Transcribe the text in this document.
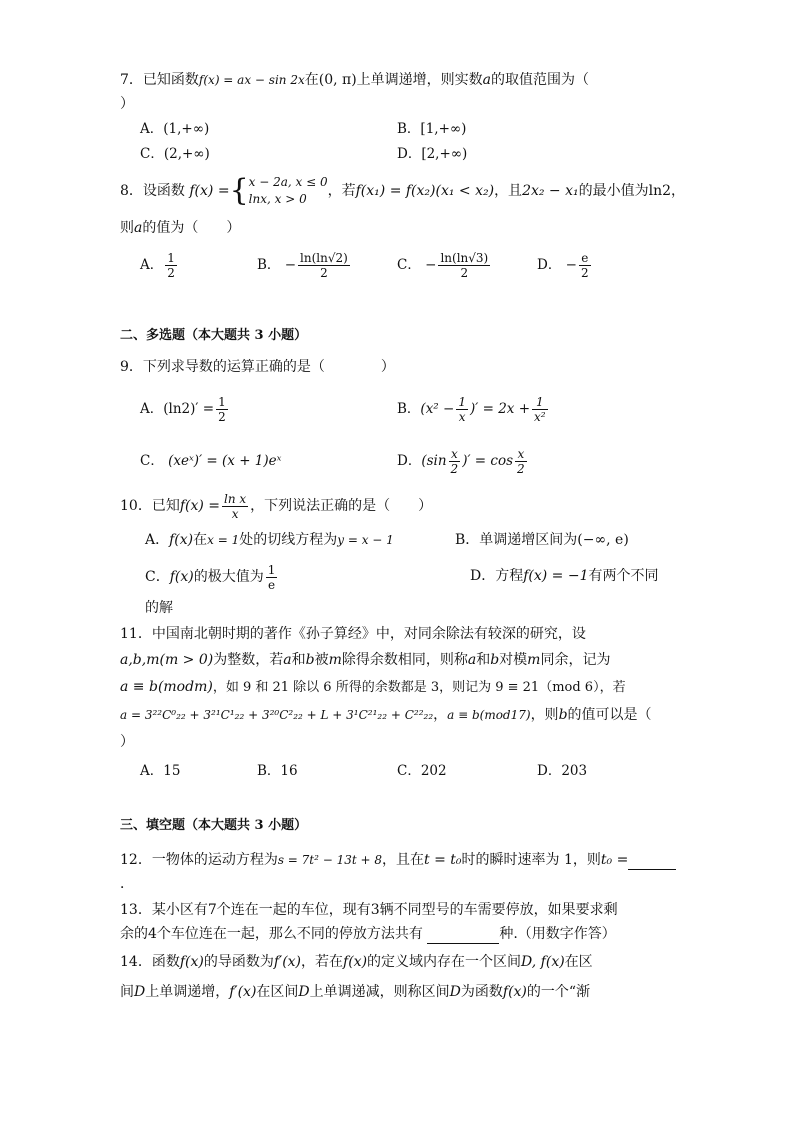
7．已知函数f(x) = ax − sin 2x在(0, π)上单调递增，则实数a的取值范围为（
）
A．(1,+∞)	B．[1,+∞)
C．(2,+∞)	D．[2,+∞)
8．设函数 f(x) ={ x − 2a, x ≤ 0
lnx, x > 0	，若f(x₁) = f(x₂)(x₁ < x₂)，且2x₂ − x₁的最小值为ln2，
则a的值为（　　）
A． $\frac{1}{2}$	B． − $\frac{\ln(\ln√2)}{2}$	C． − $\frac{\ln(\ln√3)}{2}$	D． − $\frac{e}{2}$
二、多选题（本大题共 3 小题）
9．下列求导数的运算正确的是（　　　　）
A．$(\ln 2)' = \frac{1}{2}$	B．($x^2 - \frac{1}{x}$ )′ = $2x + \frac{1}{\text{x²}}$
C． (xeˣ)′ = (x + 1)eˣ	D．($\sin \frac{x}{2}$ )′ = $\cos \frac{x}{2}$
10．已知$f(x) = \frac{\text{ln x}}{x}$ ，下列说法正确的是（　　）
A．f(x)在x = 1处的切线方程为y = x − 1	B．单调递增区间为(−∞, e)
C．f(x)的极大值为 $\frac{1}{e}$	D．方程f(x) = −1有两个不同
的解
11．中国南北朝时期的著作《孙子算经》中，对同余除法有较深的研究，设
a,b,m(m > 0)为整数，若a和b被m除得余数相同，则称a和b对模m同余，记为
a ≡ b(modm)，如 9 和 21 除以 6 所得的余数都是 3，则记为 9 ≡ 21（mod 6），若
a = 3²²C⁰₂₂ + 3²¹C¹₂₂ + 3²⁰C²₂₂ + L + 3¹C²¹₂₂ + C²²₂₂，a ≡ b(mod17)，则b的值可以是（
）
A．15	B．16	C．202	D．203
三、填空题（本大题共 3 小题）
12．一物体的运动方程为s = 7t² − 13t + 8，且在t = t₀时的瞬时速率为 1，则t₀ =
．
13．某小区有7个连在一起的车位，现有3辆不同型号的车需要停放，如果要求剩
余的4个车位连在一起，那么不同的停放方法共有	种.（用数字作答）
14．函数f(x)的导函数为f′(x)，若在f(x)的定义域内存在一个区间D, f(x)在区
间D上单调递增，f′(x)在区间D上单调递减，则称区间D为函数f(x)的一个“渐
